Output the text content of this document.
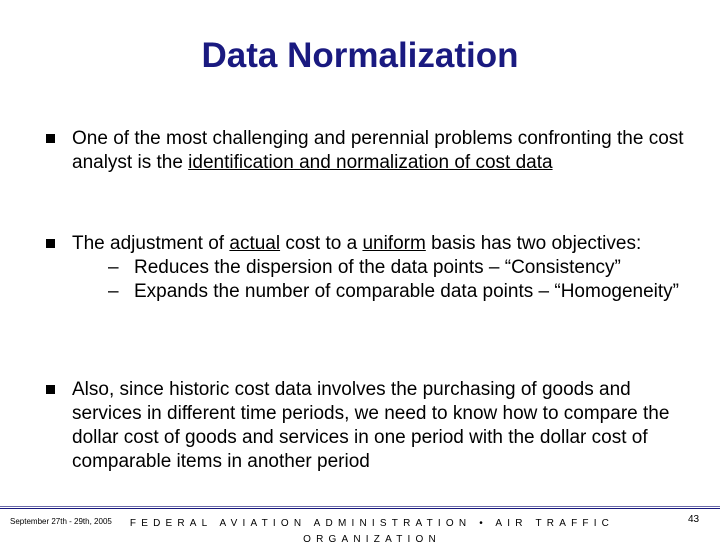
Data Normalization
One of the most challenging and perennial problems confronting the cost analyst is the identification and normalization of cost data
The adjustment of actual cost to a uniform basis has two objectives:
– Reduces the dispersion of the data points – “Consistency”
– Expands the number of comparable data points – “Homogeneity”
Also, since historic cost data involves the purchasing of goods and services in different time periods, we need to know how to compare the dollar cost of goods and services in one period with the dollar cost of comparable items in another period
September 27th - 29th, 2005	FEDERAL AVIATION ADMINISTRATION • AIR TRAFFIC ORGANIZATION
43
